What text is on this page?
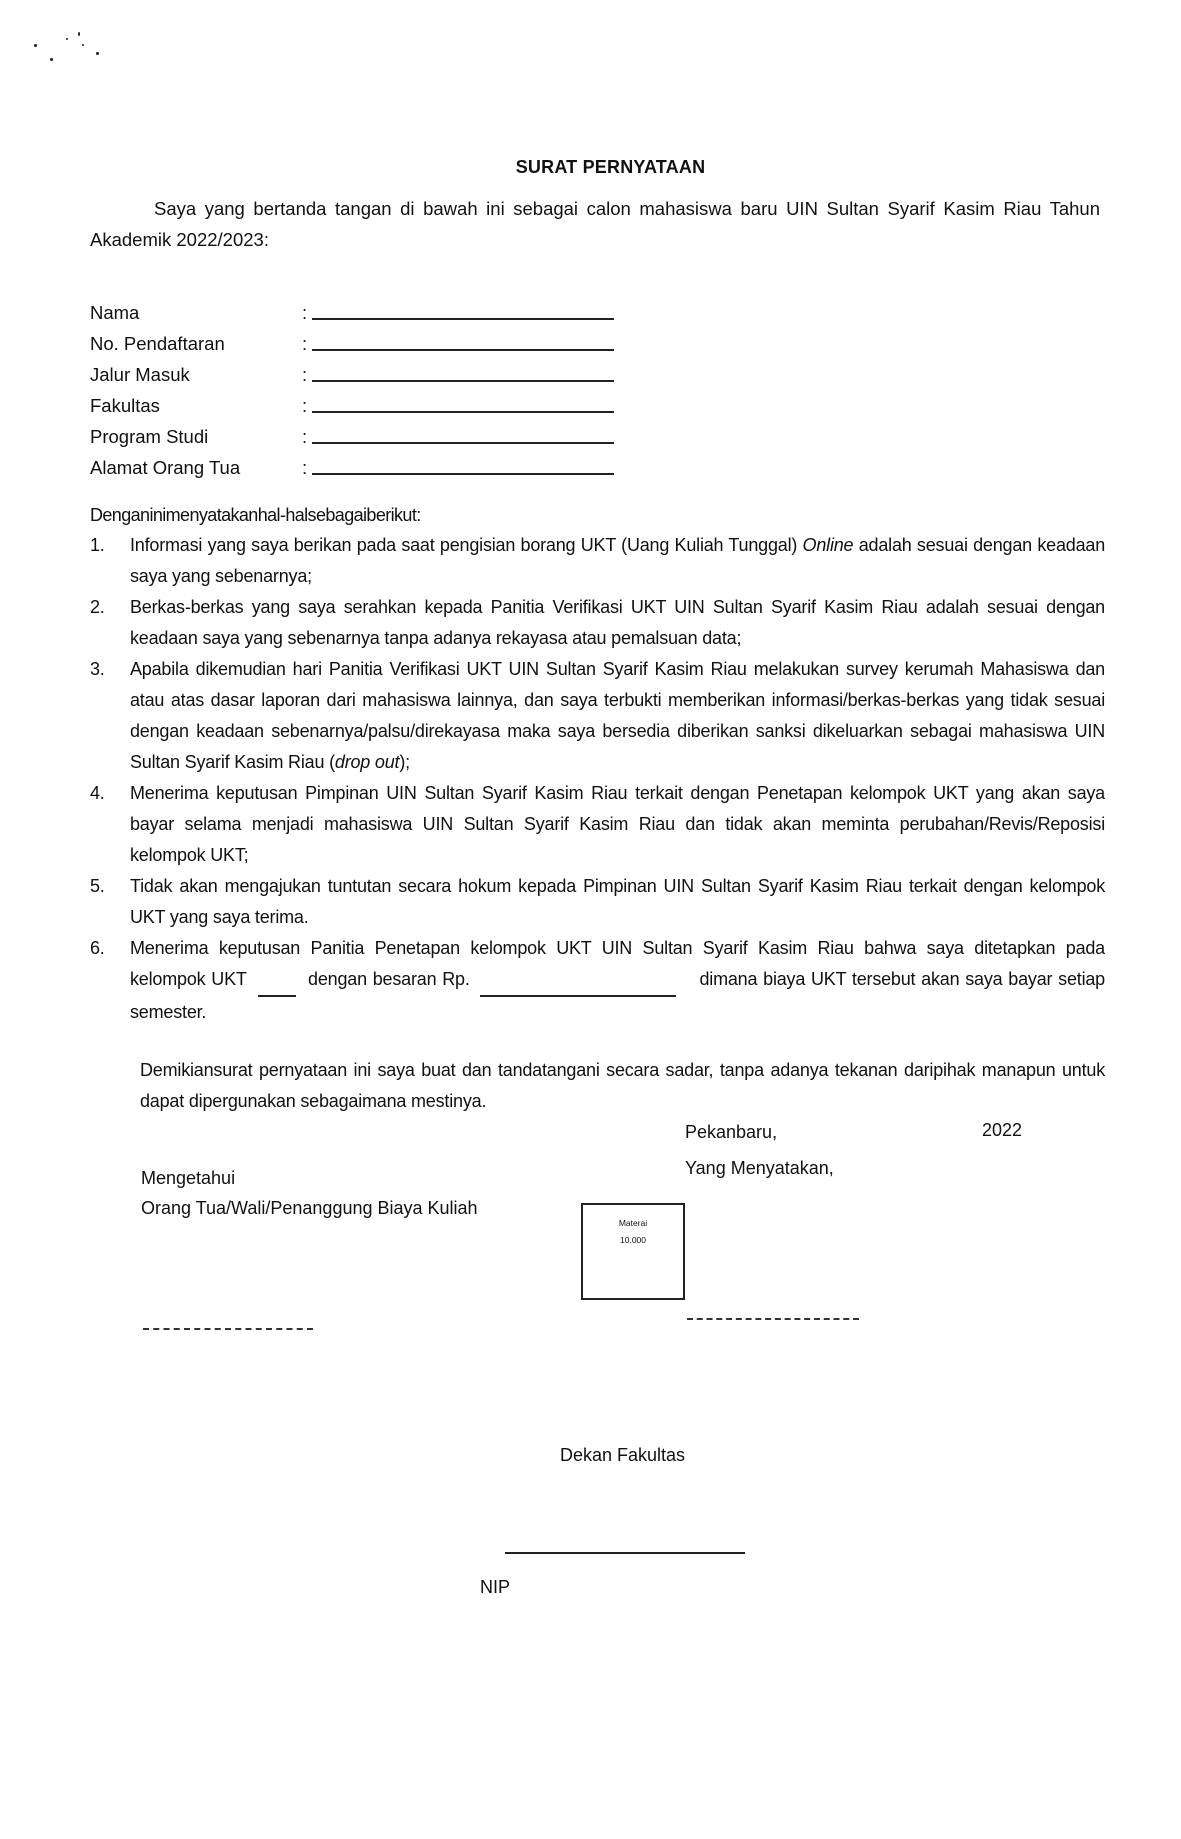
SURAT PERNYATAAN
Saya yang bertanda tangan di bawah ini sebagai calon mahasiswa baru UIN Sultan Syarif Kasim Riau Tahun Akademik 2022/2023:
Nama	:
No. Pendaftaran	:
Jalur Masuk	:
Fakultas	:
Program Studi	:
Alamat Orang Tua	:
Denganinimenyatakanhal-halsebagaiberikut:
1.	Informasi yang saya berikan pada saat pengisian borang UKT (Uang Kuliah Tunggal) Online adalah sesuai dengan keadaan saya yang sebenarnya;
2.	Berkas-berkas yang saya serahkan kepada Panitia Verifikasi UKT UIN Sultan Syarif Kasim Riau adalah sesuai dengan keadaan saya yang sebenarnya tanpa adanya rekayasa atau pemalsuan data;
3.	Apabila dikemudian hari Panitia Verifikasi UKT UIN Sultan Syarif Kasim Riau melakukan survey kerumah Mahasiswa dan atau atas dasar laporan dari mahasiswa lainnya, dan saya terbukti memberikan informasi/berkas-berkas yang tidak sesuai dengan keadaan sebenarnya/palsu/direkayasa maka saya bersedia diberikan sanksi dikeluarkan sebagai mahasiswa UIN Sultan Syarif Kasim Riau (drop out);
4.	Menerima keputusan Pimpinan UIN Sultan Syarif Kasim Riau terkait dengan Penetapan kelompok UKT yang akan saya bayar selama menjadi mahasiswa UIN Sultan Syarif Kasim Riau dan tidak akan meminta perubahan/Revis/Reposisi kelompok UKT;
5.	Tidak akan mengajukan tuntutan secara hokum kepada Pimpinan UIN Sultan Syarif Kasim Riau terkait dengan kelompok UKT yang saya terima.
6.	Menerima keputusan Panitia Penetapan kelompok UKT UIN Sultan Syarif Kasim Riau bahwa saya ditetapkan pada kelompok UKT	dengan besaran Rp.	dimana biaya UKT tersebut akan saya bayar setiap semester.
Demikiansurat pernyataan ini saya buat dan tandatangani secara sadar, tanpa adanya tekanan daripihak manapun untuk dapat dipergunakan sebagaimana mestinya.
Pekanbaru,	2022
Yang Menyatakan,
Mengetahui
Orang Tua/Wali/Penanggung Biaya Kuliah
Materai
10.000
Dekan Fakultas
NIP
